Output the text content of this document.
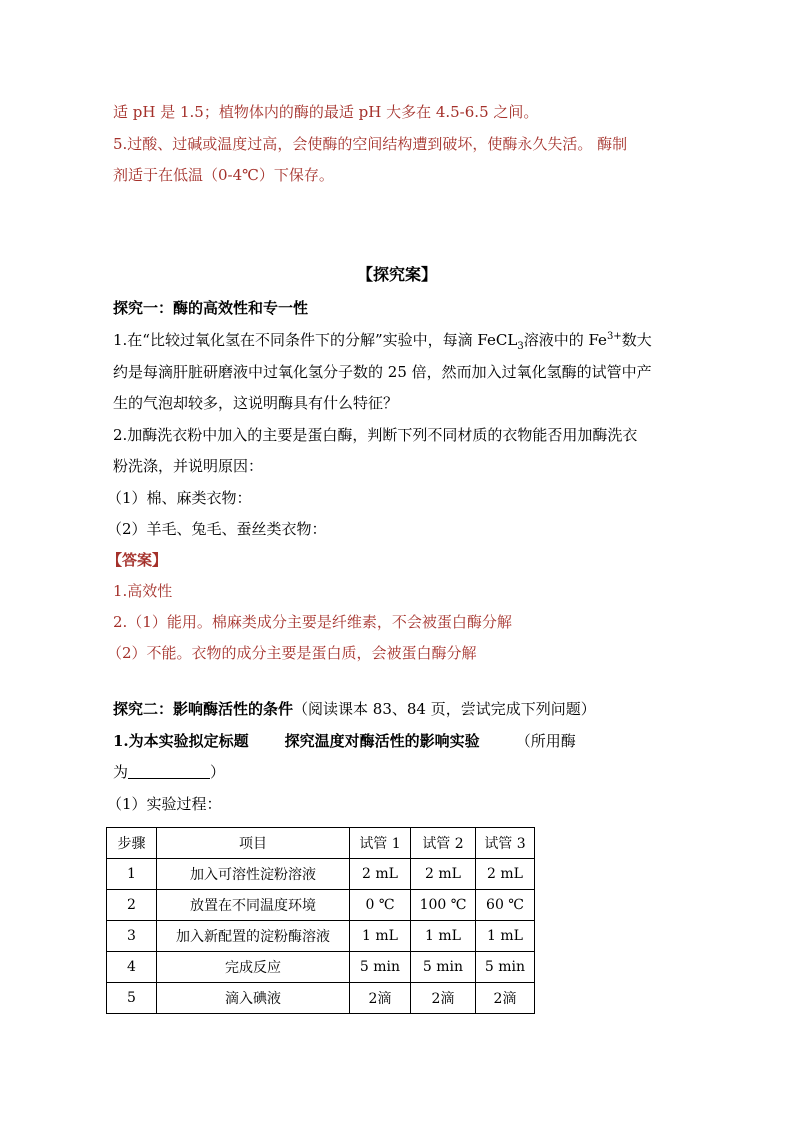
适 pH 是 1.5；植物体内的酶的最适 pH 大多在 4.5-6.5 之间。
5.过酸、过碱或温度过高，会使酶的空间结构遭到破坏，使酶永久失活。 酶制
剂适于在低温（0-4℃）下保存。
【探究案】
探究一：酶的高效性和专一性
1.在“比较过氧化氢在不同条件下的分解”实验中，每滴 FeCL$_3$溶液中的 $Fe^{3+}$数大
约是每滴肝脏研磨液中过氧化氢分子数的 25 倍，然而加入过氧化氢酶的试管中产
生的气泡却较多，这说明酶具有什么特征？
2.加酶洗衣粉中加入的主要是蛋白酶，判断下列不同材质的衣物能否用加酶洗衣
粉洗涤，并说明原因：
（1）棉、麻类衣物：
（2）羊毛、兔毛、蚕丝类衣物：
【答案】
1.高效性
2.（1）能用。棉麻类成分主要是纤维素，不会被蛋白酶分解
（2）不能。衣物的成分主要是蛋白质，会被蛋白酶分解
探究二：影响酶活性的条件（阅读课本 83、84 页，尝试完成下列问题）
1.为本实验拟定标题 探究温度对酶活性的影响实验 （所用酶
为	）
（1）实验过程：
步骤	项目	试管 1	试管 2	试管 3
1	加入可溶性淀粉溶液	2 mL	2 mL	2 mL
2	放置在不同温度环境	0 ℃	100 ℃	60 ℃
3	加入新配置的淀粉酶溶液	1 mL	1 mL	1 mL
4	完成反应	5 min	5 min	5 min
5	滴入碘液	2滴	2滴	2滴
